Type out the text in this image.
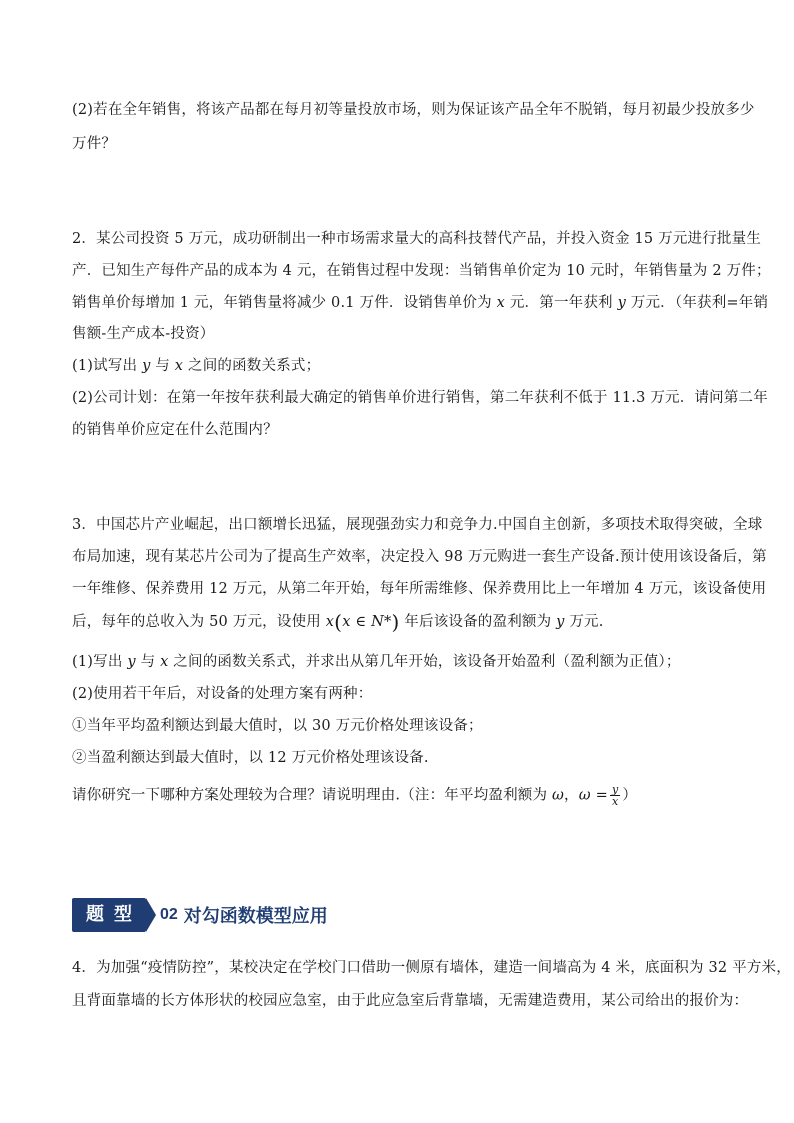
(2)若在全年销售，将该产品都在每月初等量投放市场，则为保证该产品全年不脱销，每月初最少投放多少
万件？
2．某公司投资 5 万元，成功研制出一种市场需求量大的高科技替代产品，并投入资金 15 万元进行批量生
产．已知生产每件产品的成本为 4 元，在销售过程中发现：当销售单价定为 10 元时，年销售量为 2 万件；
销售单价每增加 1 元，年销售量将减少 0.1 万件．设销售单价为 x 元．第一年获利 y 万元．（年获利=年销
售额-生产成本-投资）
(1)试写出 y 与 x 之间的函数关系式；
(2)公司计划：在第一年按年获利最大确定的销售单价进行销售，第二年获利不低于 11.3 万元．请问第二年
的销售单价应定在什么范围内？
3．中国芯片产业崛起，出口额增长迅猛，展现强劲实力和竞争力.中国自主创新，多项技术取得突破，全球
布局加速，现有某芯片公司为了提高生产效率，决定投入 98 万元购进一套生产设备.预计使用该设备后，第
一年维修、保养费用 12 万元，从第二年开始，每年所需维修、保养费用比上一年增加 4 万元，该设备使用
后，每年的总收入为 50 万元，设使用 x(x ∈ N*) 年后该设备的盈利额为 y 万元.
(1)写出 y 与 x 之间的函数关系式，并求出从第几年开始，该设备开始盈利（盈利额为正值）；
(2)使用若干年后，对设备的处理方案有两种：
①当年平均盈利额达到最大值时，以 30 万元价格处理该设备；
②当盈利额达到最大值时，以 12 万元价格处理该设备.
请你研究一下哪种方案处理较为合理？请说明理由.（注：年平均盈利额为 ω，$\omega = \frac{y}{x}$ ）
题型 02 对勾函数模型应用
4．为加强“疫情防控”，某校决定在学校门口借助一侧原有墙体，建造一间墙高为 4 米，底面积为 32 平方米，
且背面靠墙的长方体形状的校园应急室，由于此应急室后背靠墙，无需建造费用，某公司给出的报价为：
